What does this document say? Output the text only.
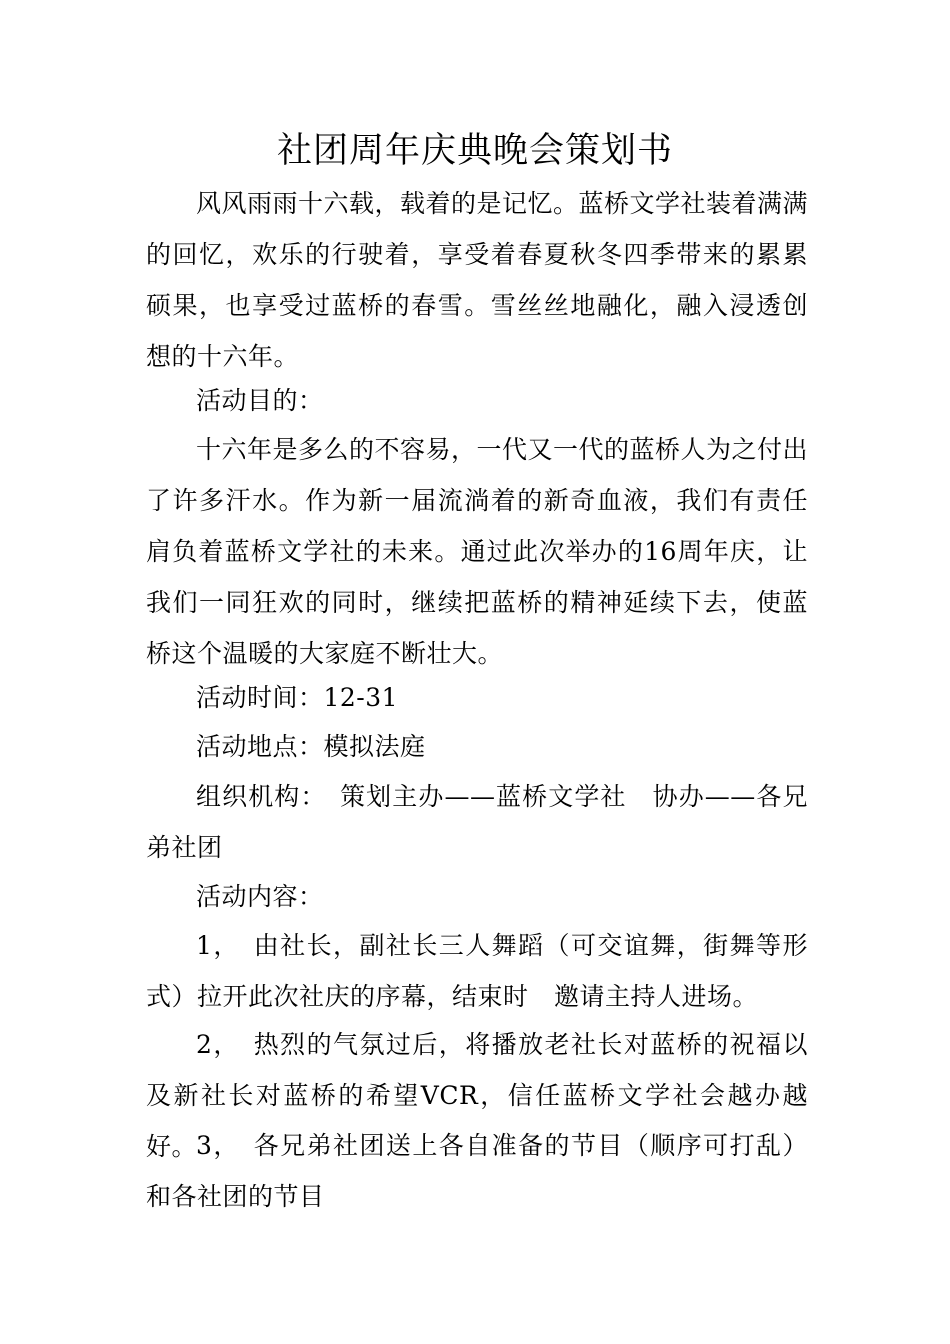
社团周年庆典晚会策划书

风风雨雨十六载，载着的是记忆。蓝桥文学社装着满满的回忆，欢乐的行驶着，享受着春夏秋冬四季带来的累累硕果，也享受过蓝桥的春雪。雪丝丝地融化，融入浸透创想的十六年。

活动目的：

十六年是多么的不容易，一代又一代的蓝桥人为之付出了许多汗水。作为新一届流淌着的新奇血液，我们有责任肩负着蓝桥文学社的未来。通过此次举办的16周年庆，让我们一同狂欢的同时，继续把蓝桥的精神延续下去，使蓝桥这个温暖的大家庭不断壮大。

活动时间：12-31

活动地点：模拟法庭

组织机构：　策划主办——蓝桥文学社　协办——各兄弟社团

活动内容：

1，　由社长，副社长三人舞蹈（可交谊舞，街舞等形式）拉开此次社庆的序幕，结束时　邀请主持人进场。

2，　热烈的气氛过后，将播放老社长对蓝桥的祝福以及新社长对蓝桥的希望VCR，信任蓝桥文学社会越办越好。

3，　各兄弟社团送上各自准备的节目（顺序可打乱）和各社团的节目
